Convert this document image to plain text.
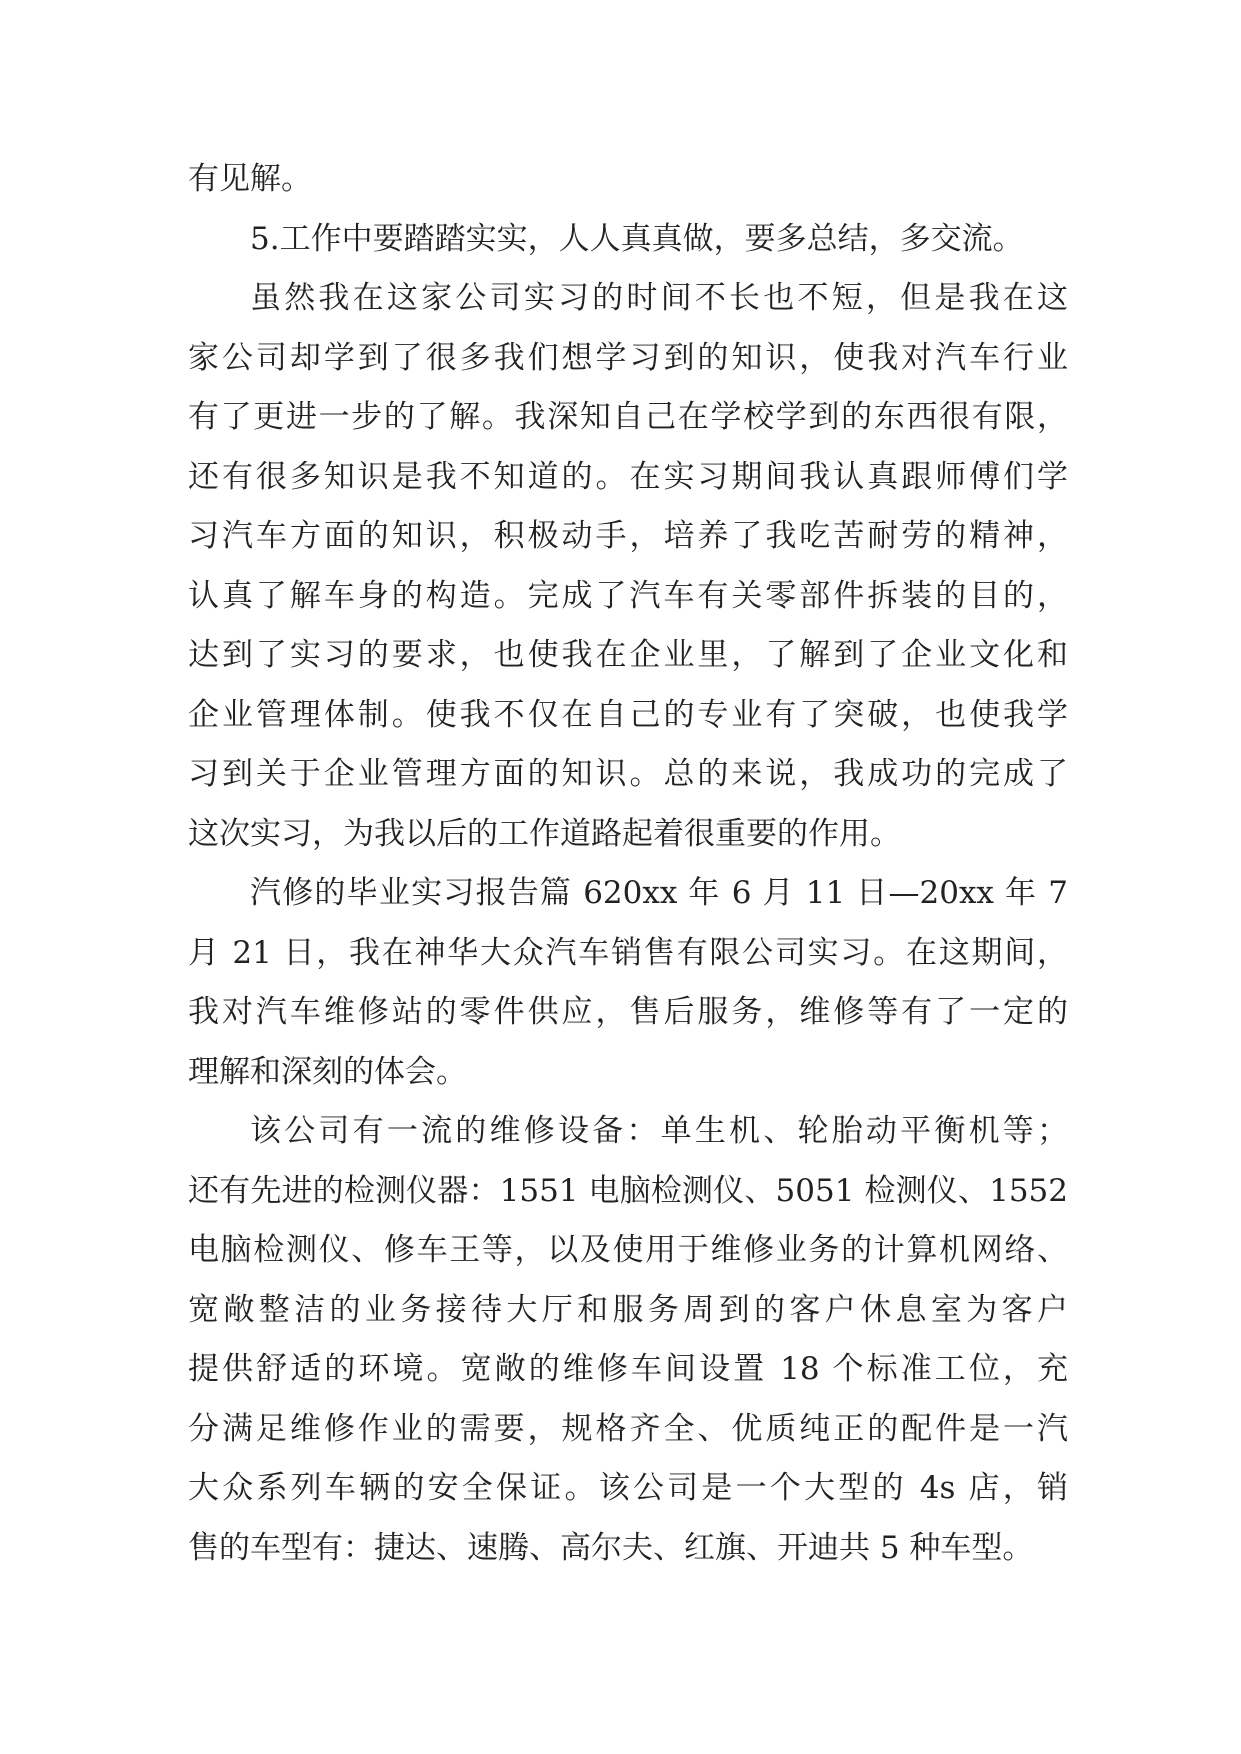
有见解。
5.工作中要踏踏实实，人人真真做，要多总结，多交流。
虽然我在这家公司实习的时间不长也不短，但是我在这
家公司却学到了很多我们想学习到的知识，使我对汽车行业
有了更进一步的了解。我深知自己在学校学到的东西很有限，
还有很多知识是我不知道的。在实习期间我认真跟师傅们学
习汽车方面的知识，积极动手，培养了我吃苦耐劳的精神，
认真了解车身的构造。完成了汽车有关零部件拆装的目的，
达到了实习的要求，也使我在企业里，了解到了企业文化和
企业管理体制。使我不仅在自己的专业有了突破，也使我学
习到关于企业管理方面的知识。总的来说，我成功的完成了
这次实习，为我以后的工作道路起着很重要的作用。
汽修的毕业实习报告篇 620xx 年 6 月 11 日—20xx 年 7
月 21 日，我在神华大众汽车销售有限公司实习。在这期间，
我对汽车维修站的零件供应，售后服务，维修等有了一定的
理解和深刻的体会。
该公司有一流的维修设备：单生机、轮胎动平衡机等；
还有先进的检测仪器：1551 电脑检测仪、5051 检测仪、1552
电脑检测仪、修车王等，以及使用于维修业务的计算机网络、
宽敞整洁的业务接待大厅和服务周到的客户休息室为客户
提供舒适的环境。宽敞的维修车间设置 18 个标准工位，充
分满足维修作业的需要，规格齐全、优质纯正的配件是一汽
大众系列车辆的安全保证。该公司是一个大型的 4s 店，销
售的车型有：捷达、速腾、高尔夫、红旗、开迪共 5 种车型。
